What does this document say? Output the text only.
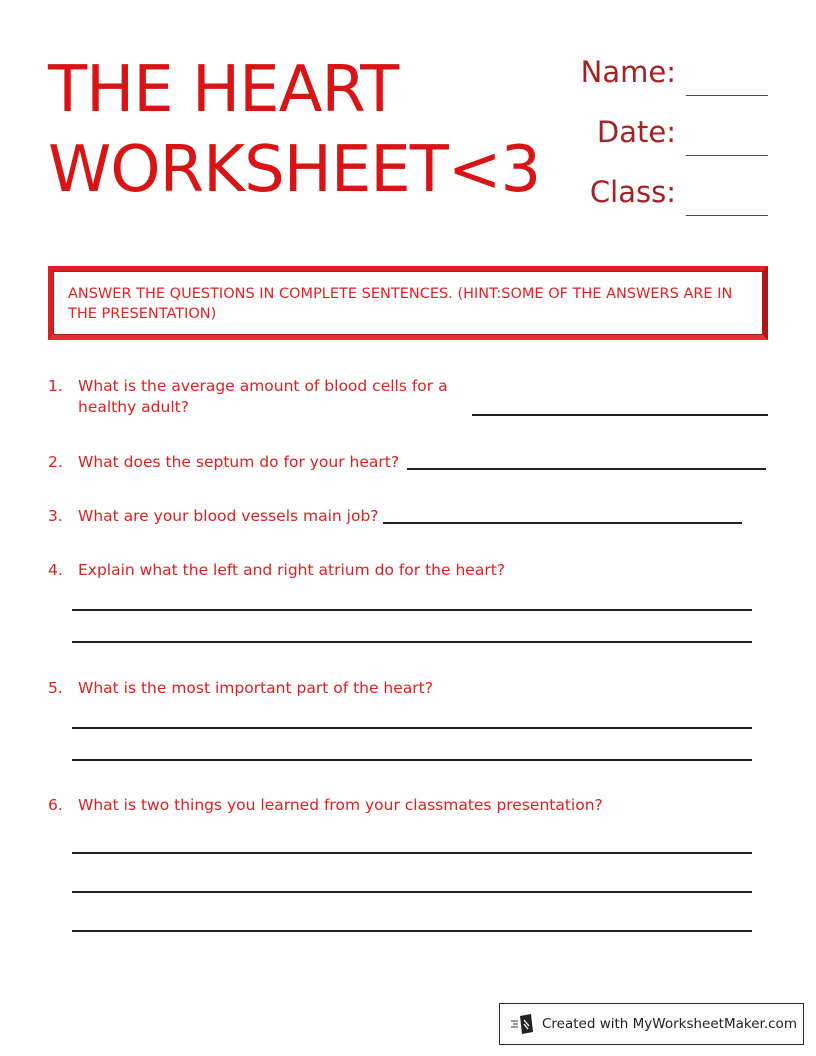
THE HEART
WORKSHEET<3
Name:
Date:
Class:
ANSWER THE QUESTIONS IN COMPLETE SENTENCES. (HINT:SOME OF THE ANSWERS ARE IN THE PRESENTATION)
1. What is the average amount of blood cells for a healthy adult?
2. What does the septum do for your heart?
3. What are your blood vessels main job?
4. Explain what the left and right atrium do for the heart?
5. What is the most important part of the heart?
6. What is two things you learned from your classmates presentation?
Created with MyWorksheetMaker.com
